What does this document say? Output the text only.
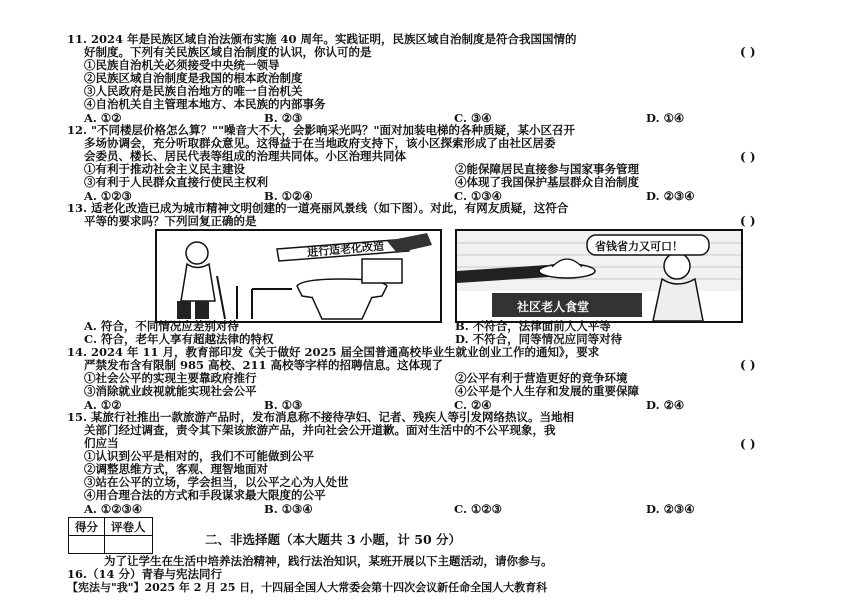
11. 2024 年是民族区域自治法颁布实施 40 周年。实践证明，民族区域自治制度是符合我国国情的
好制度。下列有关民族区域自治制度的认识，你认可的是	( )
①民族自治机关必须接受中央统一领导
②民族区域自治制度是我国的根本政治制度
③人民政府是民族自治地方的唯一自治机关
④自治机关自主管理本地方、本民族的内部事务
A. ①②	B. ②③	C. ③④	D. ①④
12. "不同楼层价格怎么算？""噪音大不大，会影响采光吗？"面对加装电梯的各种质疑，某小区召开
多场协调会，充分听取群众意见。这得益于在当地政府支持下，该小区探索形成了由社区居委
会委员、楼长、居民代表等组成的治理共同体。小区治理共同体	( )
①有利于推动社会主义民主建设	②能保障居民直接参与国家事务管理
③有利于人民群众直接行使民主权利	④体现了我国保护基层群众自治制度
A. ①②③	B. ①②④	C. ①③④	D. ②③④
13. 适老化改造已成为城市精神文明创建的一道亮丽风景线（如下图）。对此，有网友质疑，这符合
平等的要求吗？下列回复正确的是	( )
进行适老化改造	省钱省力又可口！
社区老人食堂
A. 符合，不同情况应差别对待	B. 不符合，法律面前人人平等
C. 符合，老年人享有超越法律的特权	D. 不符合，同等情况应同等对待
14. 2024 年 11 月，教育部印发《关于做好 2025 届全国普通高校毕业生就业创业工作的通知》，要求
严禁发布含有限制 985 高校、211 高校等字样的招聘信息。这体现了	( )
①社会公平的实现主要靠政府推行	②公平有利于营造更好的竞争环境
③消除就业歧视就能实现社会公平	④公平是个人生存和发展的重要保障
A. ①②	B. ①③	C. ②④	D. ②④
15. 某旅行社推出一款旅游产品时，发布消息称不接待孕妇、记者、残疾人等引发网络热议。当地相
关部门经过调查，责令其下架该旅游产品，并向社会公开道歉。面对生活中的不公平现象，我
们应当	( )
①认识到公平是相对的，我们不可能做到公平
②调整思维方式，客观、理智地面对
③站在公平的立场，学会担当，以公平之心为人处世
④用合理合法的方式和手段谋求最大限度的公平
A. ①②③④	B. ①③④	C. ①②③	D. ②③④
得分	评卷人

二、非选择题（本大题共 3 小题，计 50 分）
为了让学生在生活中培养法治精神，践行法治知识，某班开展以下主题活动，请你参与。
16.（14 分）青春与宪法同行
【宪法与"我"】2025 年 2 月 25 日，十四届全国人大常委会第十四次会议新任命全国人大教育科
